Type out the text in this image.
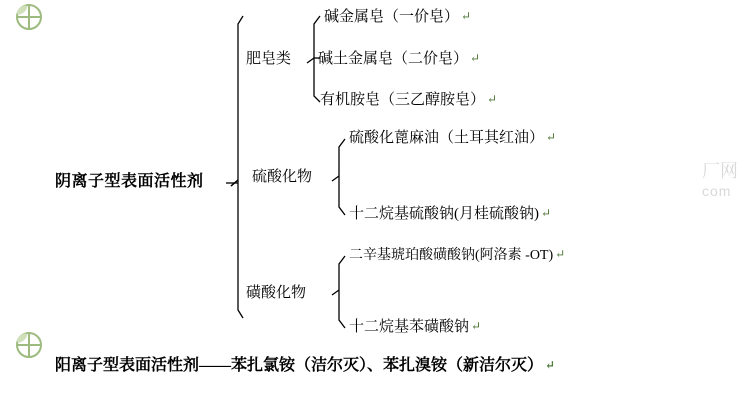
厂网
com
阴离子型表面活性剂
肥皂类
硫酸化物
磺酸化物
碱金属皂（一价皂） ↵
碱土金属皂（二价皂） ↵
有机胺皂（三乙醇胺皂） ↵
硫酸化蓖麻油（土耳其红油） ↵
十二烷基硫酸钠(月桂硫酸钠) ↵
二辛基琥珀酸磺酸钠(阿洛素 -OT) ↵
十二烷基苯磺酸钠 ↵
阳离子型表面活性剂——苯扎氯铵（洁尔灭）、苯扎溴铵（新洁尔灭） ↵
